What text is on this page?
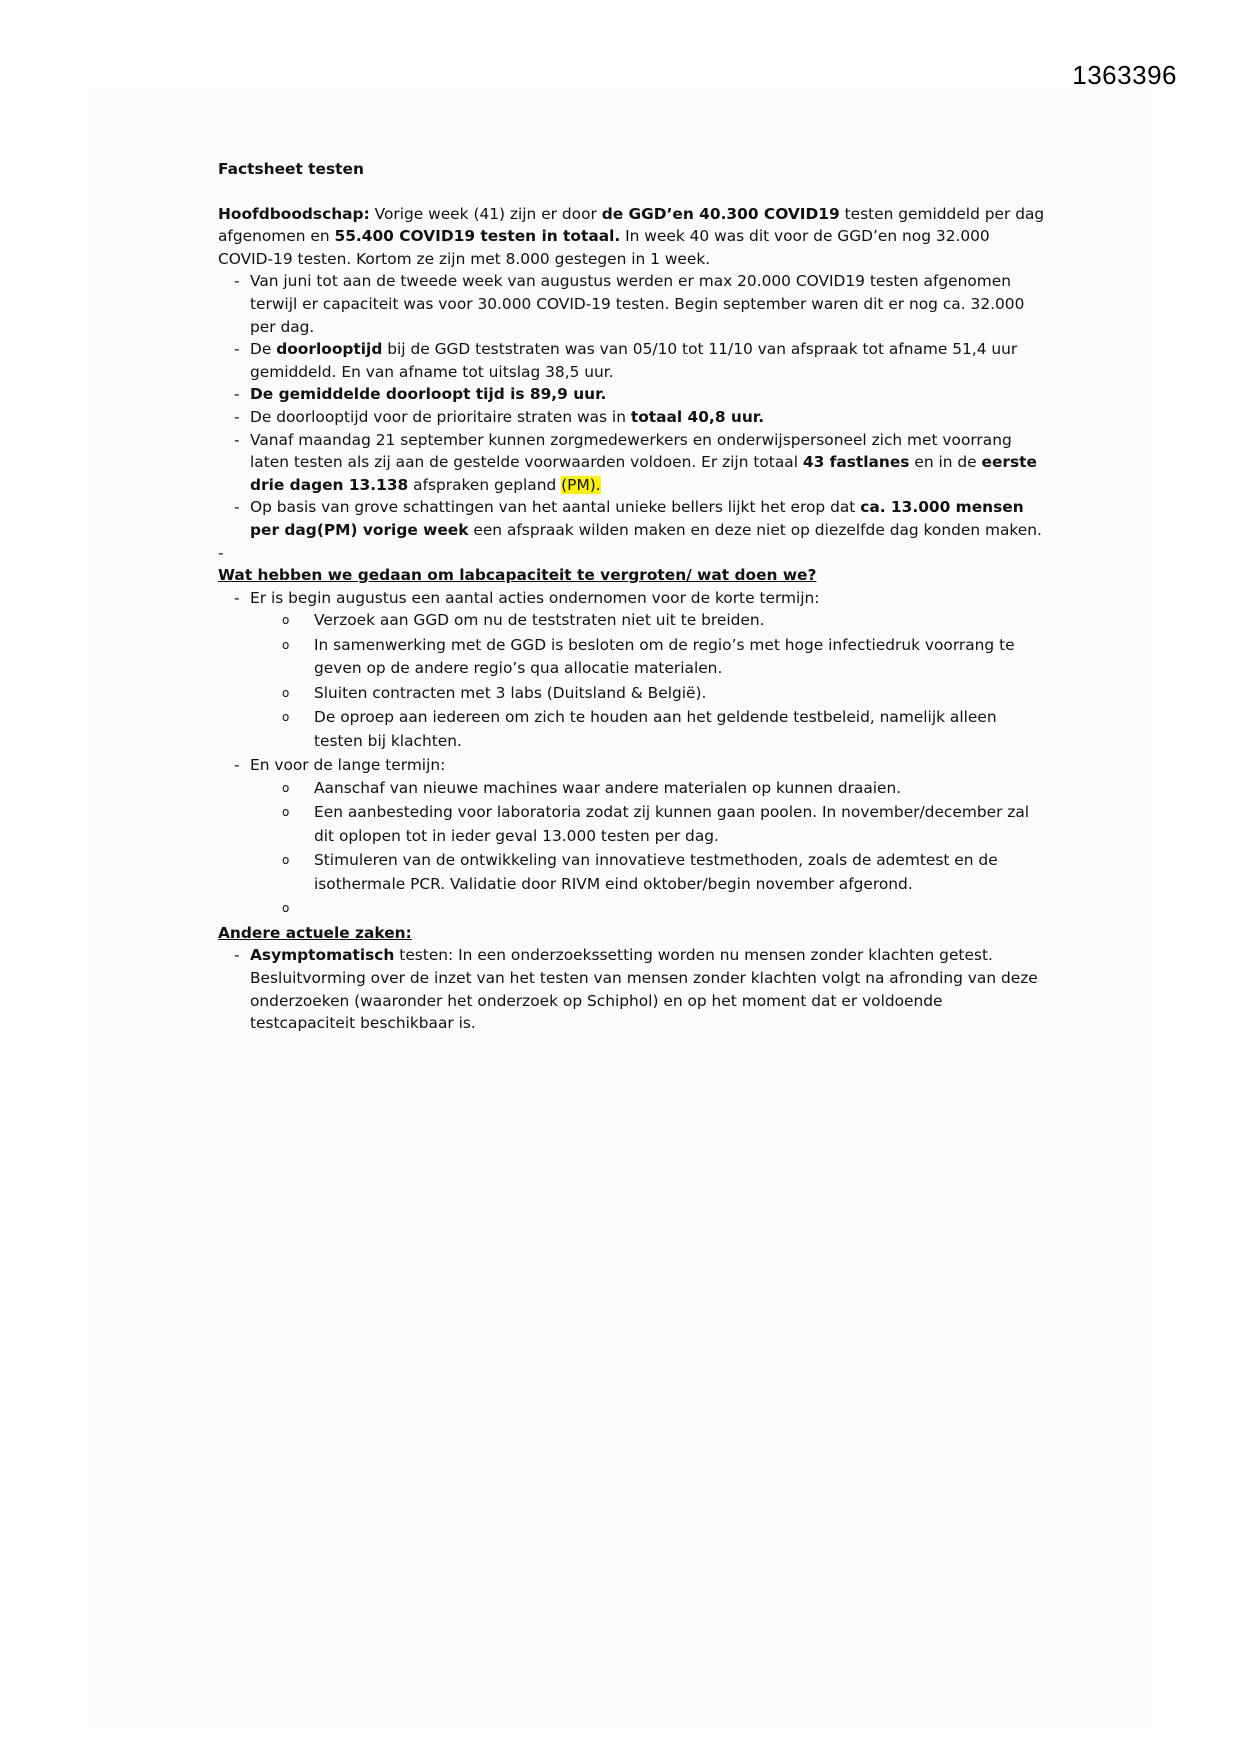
1363396

Factsheet testen

Hoofdboodschap: Vorige week (41) zijn er door de GGD’en 40.300 COVID19 testen gemiddeld per dag afgenomen en 55.400 COVID19 testen in totaal. In week 40 was dit voor de GGD’en nog 32.000 COVID-19 testen. Kortom ze zijn met 8.000 gestegen in 1 week.

- Van juni tot aan de tweede week van augustus werden er max 20.000 COVID19 testen afgenomen terwijl er capaciteit was voor 30.000 COVID-19 testen. Begin september waren dit er nog ca. 32.000 per dag.

- De doorlooptijd bij de GGD teststraten was van 05/10 tot 11/10 van afspraak tot afname 51,4 uur gemiddeld. En van afname tot uitslag 38,5 uur.

- De gemiddelde doorloopt tijd is 89,9 uur.

- De doorlooptijd voor de prioritaire straten was in totaal 40,8 uur.

- Vanaf maandag 21 september kunnen zorgmedewerkers en onderwijspersoneel zich met voorrang laten testen als zij aan de gestelde voorwaarden voldoen. Er zijn totaal 43 fastlanes en in de eerste drie dagen 13.138 afspraken gepland (PM).

- Op basis van grove schattingen van het aantal unieke bellers lijkt het erop dat ca. 13.000 mensen per dag(PM) vorige week een afspraak wilden maken en deze niet op diezelfde dag konden maken.

-

Wat hebben we gedaan om labcapaciteit te vergroten/ wat doen we?

- Er is begin augustus een aantal acties ondernomen voor de korte termijn:

o Verzoek aan GGD om nu de teststraten niet uit te breiden.

o In samenwerking met de GGD is besloten om de regio’s met hoge infectiedruk voorrang te geven op de andere regio’s qua allocatie materialen.

o Sluiten contracten met 3 labs (Duitsland & België).

o De oproep aan iedereen om zich te houden aan het geldende testbeleid, namelijk alleen testen bij klachten.

- En voor de lange termijn:

o Aanschaf van nieuwe machines waar andere materialen op kunnen draaien.

o Een aanbesteding voor laboratoria zodat zij kunnen gaan poolen. In november/december zal dit oplopen tot in ieder geval 13.000 testen per dag.

o Stimuleren van de ontwikkeling van innovatieve testmethoden, zoals de ademtest en de isothermale PCR. Validatie door RIVM eind oktober/begin november afgerond.

o

Andere actuele zaken:

- Asymptomatisch testen: In een onderzoekssetting worden nu mensen zonder klachten getest. Besluitvorming over de inzet van het testen van mensen zonder klachten volgt na afronding van deze onderzoeken (waaronder het onderzoek op Schiphol) en op het moment dat er voldoende testcapaciteit beschikbaar is.
